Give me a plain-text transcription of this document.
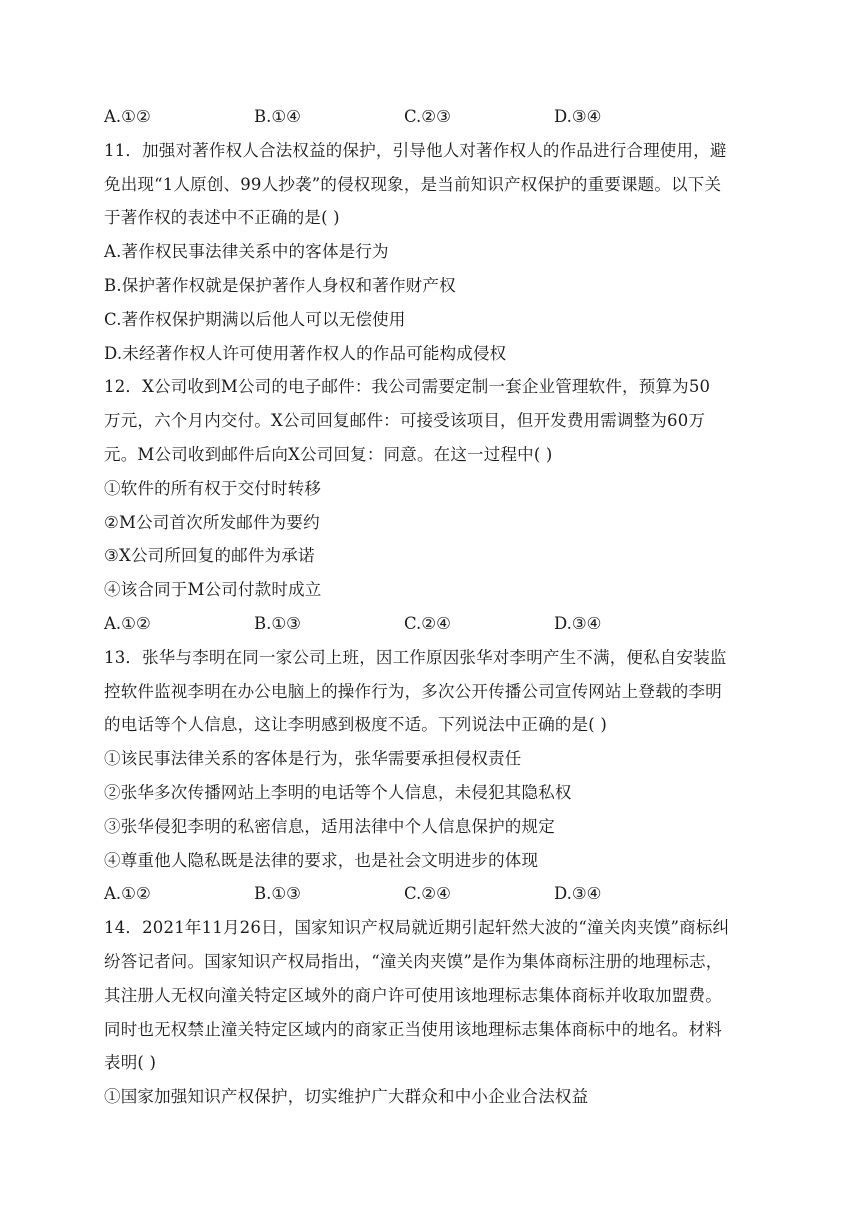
A.①②	B.①④	C.②③	D.③④
11．加强对著作权人合法权益的保护，引导他人对著作权人的作品进行合理使用，避
免出现“1人原创、99人抄袭”的侵权现象，是当前知识产权保护的重要课题。以下关
于著作权的表述中不正确的是( )
A.著作权民事法律关系中的客体是行为
B.保护著作权就是保护著作人身权和著作财产权
C.著作权保护期满以后他人可以无偿使用
D.未经著作权人许可使用著作权人的作品可能构成侵权
12．X公司收到M公司的电子邮件：我公司需要定制一套企业管理软件，预算为50
万元，六个月内交付。X公司回复邮件：可接受该项目，但开发费用需调整为60万
元。M公司收到邮件后向X公司回复：同意。在这一过程中( )
①软件的所有权于交付时转移
②M公司首次所发邮件为要约
③X公司所回复的邮件为承诺
④该合同于M公司付款时成立
A.①②	B.①③	C.②④	D.③④
13．张华与李明在同一家公司上班，因工作原因张华对李明产生不满，便私自安装监
控软件监视李明在办公电脑上的操作行为，多次公开传播公司宣传网站上登载的李明
的电话等个人信息，这让李明感到极度不适。下列说法中正确的是( )
①该民事法律关系的客体是行为，张华需要承担侵权责任
②张华多次传播网站上李明的电话等个人信息，未侵犯其隐私权
③张华侵犯李明的私密信息，适用法律中个人信息保护的规定
④尊重他人隐私既是法律的要求，也是社会文明进步的体现
A.①②	B.①③	C.②④	D.③④
14．2021年11月26日，国家知识产权局就近期引起轩然大波的“潼关肉夹馍”商标纠
纷答记者问。国家知识产权局指出，“潼关肉夹馍”是作为集体商标注册的地理标志，
其注册人无权向潼关特定区域外的商户许可使用该地理标志集体商标并收取加盟费。
同时也无权禁止潼关特定区域内的商家正当使用该地理标志集体商标中的地名。材料
表明( )
①国家加强知识产权保护，切实维护广大群众和中小企业合法权益
